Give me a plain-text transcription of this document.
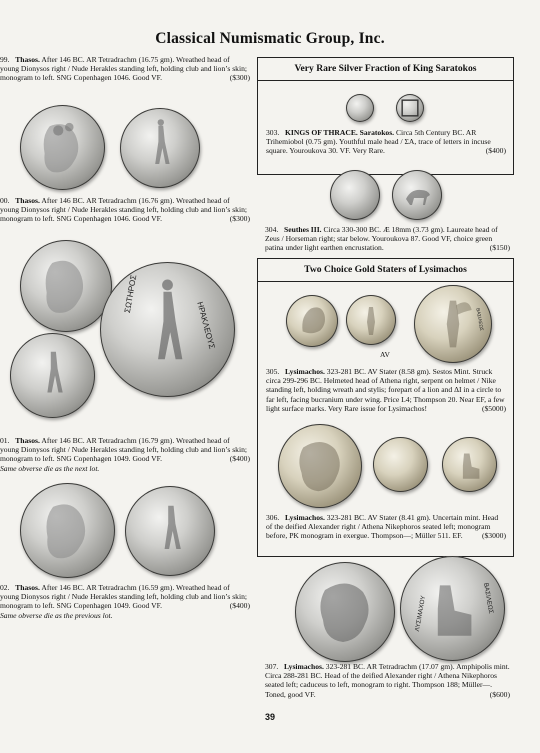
Classical Numismatic Group, Inc.
99. Thasos. After 146 BC. AR Tetradrachm (16.75 gm). Wreathed head of young Dionysos right / Nude Herakles standing left, holding club and lion’s skin; monogram to left. SNG Copenhagen 1046. Good VF.	($300)
00. Thasos. After 146 BC. AR Tetradrachm (16.76 gm). Wreathed head of young Dionysos right / Nude Herakles standing left, holding club and lion’s skin; monogram to left. SNG Copenhagen 1046. Good VF.	($300)
ΗΡΑΚΛΕΟΥΣ
ΣΩΤΗΡΟΣ
01. Thasos. After 146 BC. AR Tetradrachm (16.79 gm). Wreathed head of young Dionysos right / Nude Herakles standing left, holding club and lion’s skin; monogram to left. SNG Copenhagen 1049. Good VF.	($400)

Same obverse die as the next lot.
02. Thasos. After 146 BC. AR Tetradrachm (16.59 gm). Wreathed head of young Dionysos right / Nude Herakles standing left, holding club and lion’s skin; monogram to left. SNG Copenhagen 1049. Good VF.	($400)

Same obverse die as the previous lot.
Very Rare Silver Fraction of King Saratokos
303. KINGS OF THRACE. Saratokos. Circa 5th Century BC. AR Trihemiobol (0.75 gm). Youthful male head / ΣΑ, trace of letters in incuse square. Youroukova 30. VF. Very Rare.	($400)
304. Seuthes III. Circa 330-300 BC. Æ 18mm (3.73 gm). Laureate head of Zeus / Horseman right; star below. Youroukova 87. Good VF, choice green patina under light earthen encrustation.	($150)
Two Choice Gold Staters of Lysimachos
ΒΑΣΙΛΕΩΣ
AV
305. Lysimachos. 323-281 BC. AV Stater (8.58 gm). Sestos Mint. Struck circa 299-296 BC. Helmeted head of Athena right, serpent on helmet / Nike standing left, holding wreath and stylis; forepart of a lion and ΔΙ in a circle to far left, facing bucranium under wing. Price L4; Thompson 20. Near EF, a few light surface marks. Very Rare issue for Lysimachos!	($5000)
306. Lysimachos. 323-281 BC. AV Stater (8.41 gm). Uncertain mint. Head of the deified Alexander right / Athena Nikephoros seated left; monogram before, PK monogram in exergue. Thompson—; Müller 511. EF.	($3000)
ΒΑΣΙΛΕΩΣ
ΛΥΣΙΜΑΧΟΥ
307. Lysimachos. 323-281 BC. AR Tetradrachm (17.07 gm). Amphipolis mint. Circa 288-281 BC. Head of the deified Alexander right / Athena Nikephoros seated left; caduceus to left, monogram to right. Thompson 188; Müller—. Toned, good VF.	($600)
39
